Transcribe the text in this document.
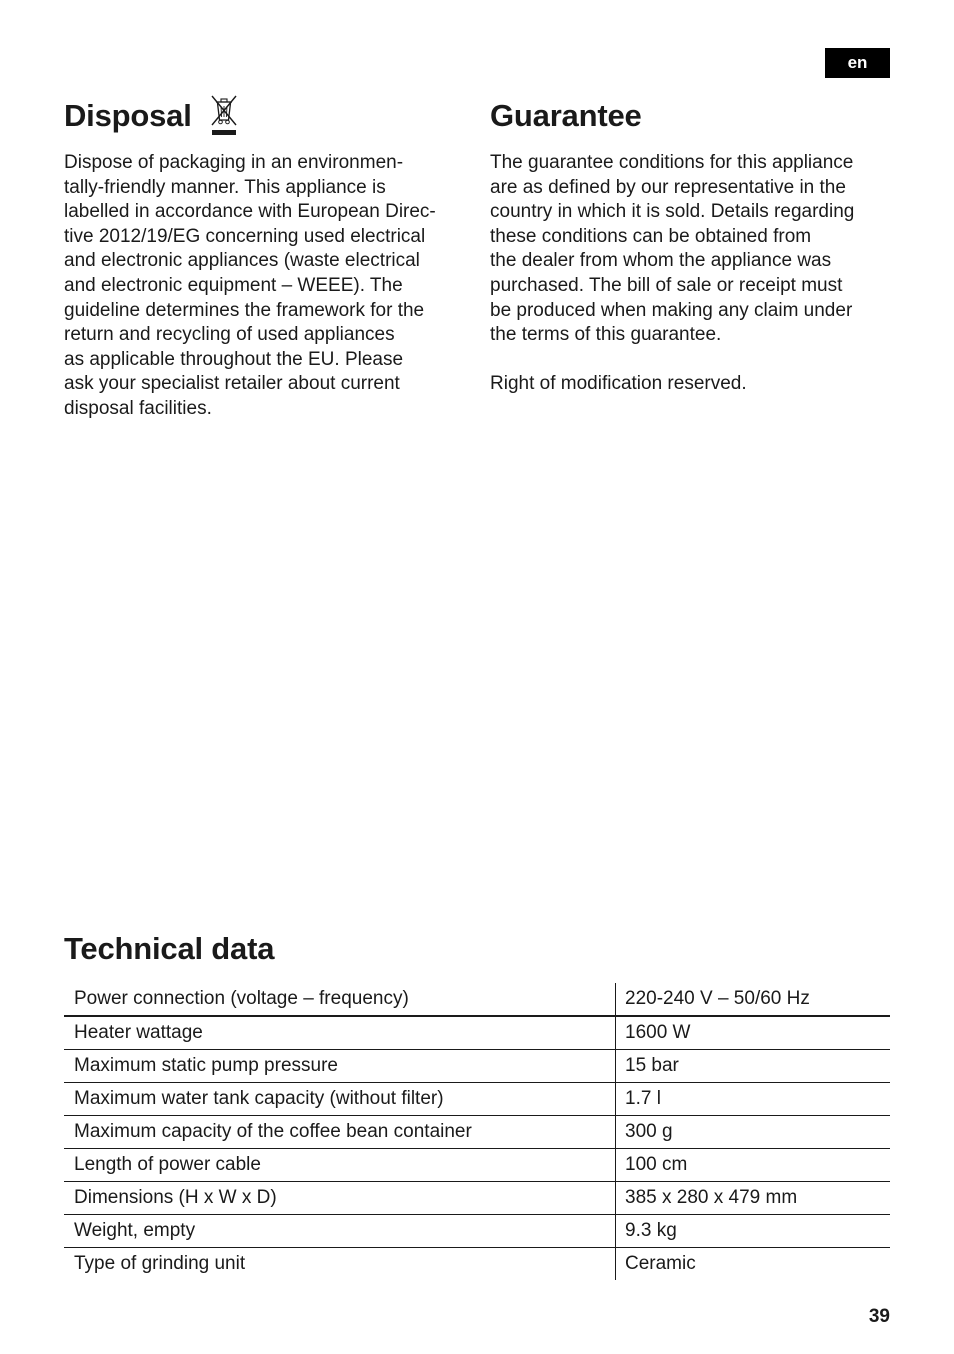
en
Disposal

Dispose of packaging in an environmen-
tally-friendly manner. This appliance is
labelled in accordance with European Direc-
tive 2012/19/EG concerning used electrical
and electronic appliances (waste electrical
and electronic equipment – WEEE). The
guideline determines the framework for the
return and recycling of used appliances
as applicable throughout the EU. Please
ask your specialist retailer about current
disposal facilities.

Guarantee

The guarantee conditions for this appliance
are as defined by our representative in the
country in which it is sold. Details regarding
these conditions can be obtained from
the dealer from whom the appliance was
purchased. The bill of sale or receipt must
be produced when making any claim under
the terms of this guarantee.

Right of modification reserved.

Technical data
Power connection (voltage – frequency)	220-240 V – 50/60 Hz
Heater wattage	1600 W
Maximum static pump pressure	15 bar
Maximum water tank capacity (without filter)	1.7 l
Maximum capacity of the coffee bean container	300 g
Length of power cable	100 cm
Dimensions (H x W x D)	385 x 280 x 479 mm
Weight, empty	9.3 kg
Type of grinding unit	Ceramic
39
